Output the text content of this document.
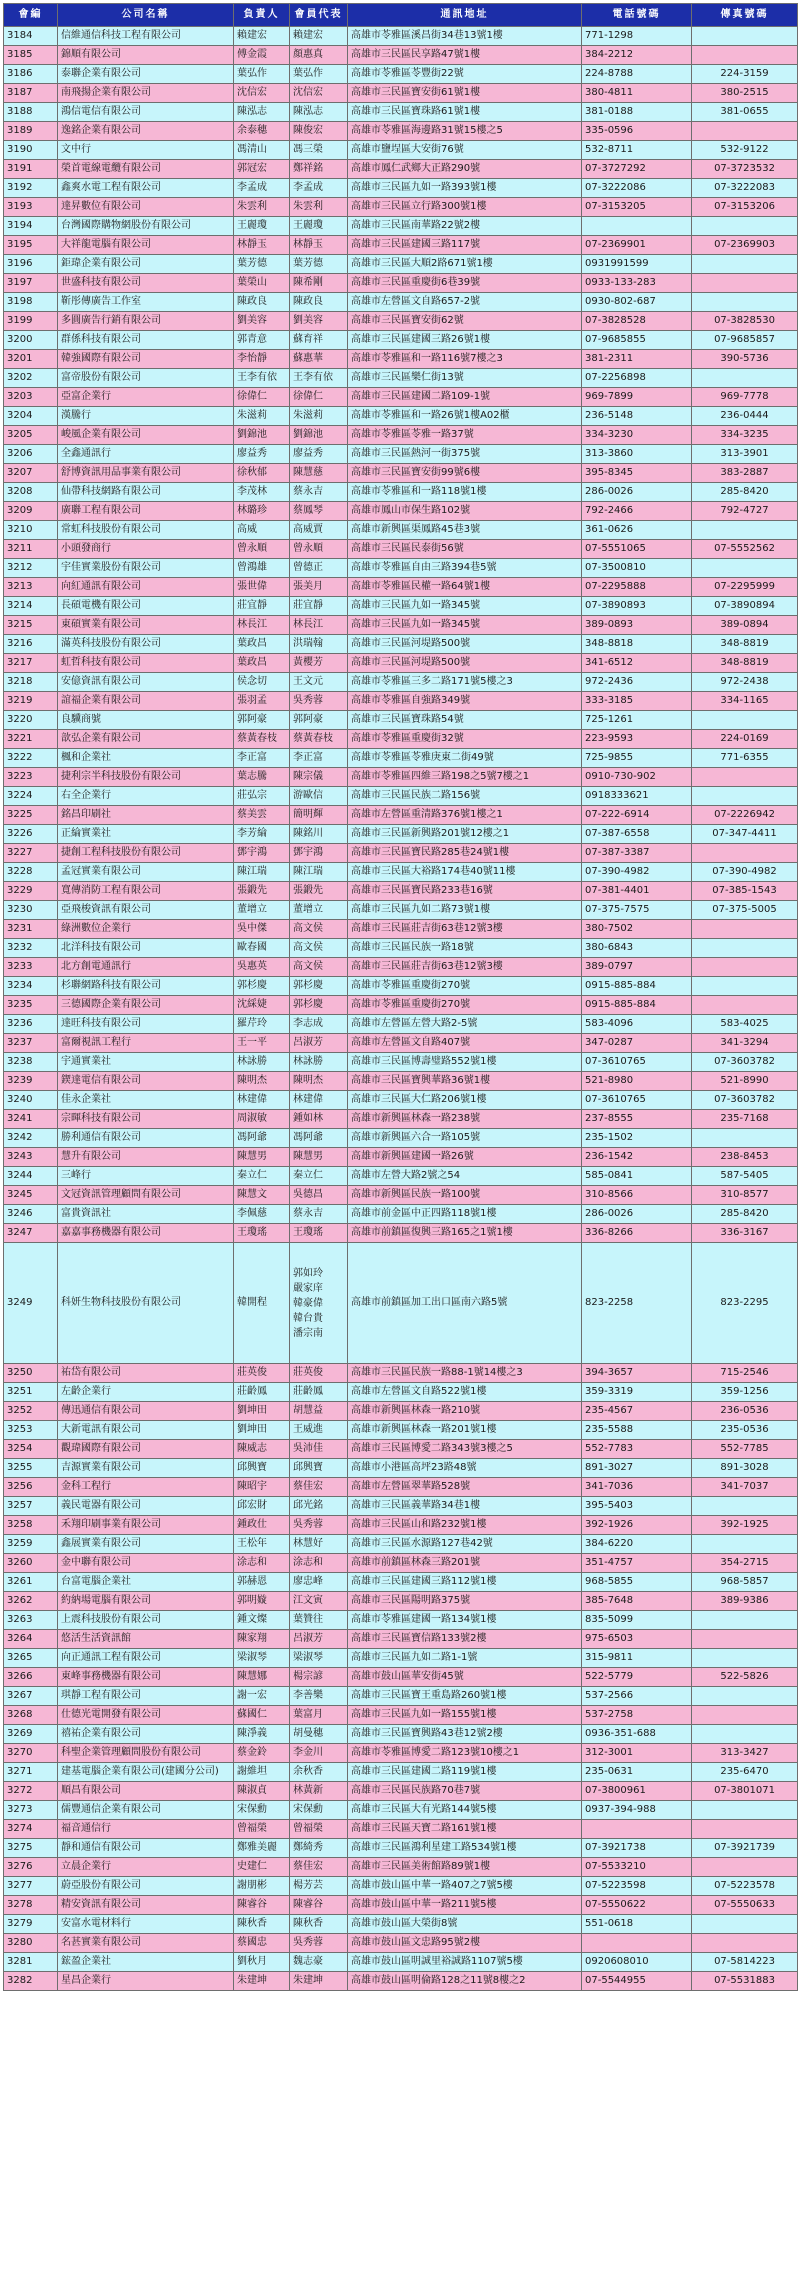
會編	公司名稱	負責人	會員代表	通訊地址	電話號碼	傳真號碼
3184	信維通信科技工程有限公司	賴建宏	賴建宏	高雄市苓雅區溪昌街34巷13號1樓	771-1298	
3185	錦順有限公司	傅金霞	顏惠真	高雄市三民區民享路47號1樓	384-2212	
3186	泰聯企業有限公司	葉弘作	葉弘作	高雄市苓雅區苓豐街22號	224-8788	224-3159
3187	南飛揚企業有限公司	沈信宏	沈信宏	高雄市三民區寶安街61號1樓	380-4811	380-2515
3188	鴻信電信有限公司	陳泓志	陳泓志	高雄市三民區寶珠路61號1樓	381-0188	381-0655
3189	逸銘企業有限公司	余泰穗	陳俊宏	高雄市苓雅區海邊路31號15樓之5	335-0596	
3190	文中行	馮清山	馮三榮	高雄市鹽埕區大安街76號	532-8711	532-9122
3191	榮首電線電纜有限公司	郭冠宏	鄭祥銘	高雄市鳳仁武鄉大正路290號	07-3727292	07-3723532
3192	鑫爽水電工程有限公司	李孟成	李孟成	高雄市三民區九如一路393號1樓	07-3222086	07-3222083
3193	達昇數位有限公司	朱雲利	朱雲利	高雄市三民區立行路300號1樓	07-3153205	07-3153206
3194	台灣國際購物網股份有限公司	王麗瓊	王麗瓊	高雄市三民區南華路22號2樓		
3195	大祥龍電腦有限公司	林靜玉	林靜玉	高雄市三民區建國三路117號	07-2369901	07-2369903
3196	鉅瑋企業有限公司	葉芳德	葉芳德	高雄市三民區大順2路671號1樓	0931991599	
3197	世盛科技有限公司	葉榮山	陳希剛	高雄市三民區重慶街6巷39號	0933-133-283	
3198	靳彤傳廣告工作室	陳政良	陳政良	高雄市左營區文自路657-2號	0930-802-687	
3199	多圓廣告行銷有限公司	劉美容	劉美容	高雄市三民區寶安街62號	07-3828528	07-3828530
3200	群係科技有限公司	郭青意	蘇育祥	高雄市三民區建國三路26號1樓	07-9685855	07-9685857
3201	韓強國際有限公司	李怡靜	蘇惠華	高雄市苓雅區和一路116號7樓之3	381-2311	390-5736
3202	富帝股份有限公司	王李有依	王李有依	高雄市三民區樂仁街13號	07-2256898	
3203	亞富企業行	徐偉仁	徐偉仁	高雄市三民區建國二路109-1號	969-7899	969-7778
3204	漢騰行	朱滋莉	朱滋莉	高雄市苓雅區和一路26號1樓A02櫃	236-5148	236-0444
3205	峻風企業有限公司	劉錦池	劉錦池	高雄市苓雅區苓雅一路37號	334-3230	334-3235
3206	全鑫通訊行	廖益秀	廖益秀	高雄市三民區熱河一街375號	313-3860	313-3901
3207	舒博資訊用品事業有限公司	徐秋郁	陳慧慈	高雄市三民區寶安街99號6樓	395-8345	383-2887
3208	仙帶科技網路有限公司	李茂林	蔡永吉	高雄市苓雅區和一路118號1樓	286-0026	285-8420
3209	廣聯工程有限公司	林璐珍	蔡鳳琴	高雄市鳳山市保生路102號	792-2466	792-4727
3210	常虹科技股份有限公司	高威	高威賈	高雄市新興區渠鳳路45巷3號	361-0626	
3211	小頭發商行	曾永順	曾永順	高雄市三民區民泰街56號	07-5551065	07-5552562
3212	宇佳實業股份有限公司	曾鴻雄	曾德正	高雄市苓雅區自由三路394巷5號	07-3500810	
3213	向紅通訊有限公司	張世偉	張美月	高雄市苓雅區民權一路64號1樓	07-2295888	07-2295999
3214	長碩電機有限公司	莊宜靜	莊宜靜	高雄市三民區九如一路345號	07-3890893	07-3890894
3215	東碩實業有限公司	林長江	林長江	高雄市三民區九如一路345號	389-0893	389-0894
3216	滿英科技股份有限公司	葉政昌	洪瑞翰	高雄市三民區河堤路500號	348-8818	348-8819
3217	虹哲科技有限公司	葉政昌	黃櫻芳	高雄市三民區河堤路500號	341-6512	348-8819
3218	安億資訊有限公司	侯念切	王文元	高雄市苓雅區三多二路171號5樓之3	972-2436	972-2438
3219	誼福企業有限公司	張羽孟	吳秀蓉	高雄市苓雅區自強路349號	333-3185	334-1165
3220	良驥商號	郭阿豪	郭阿豪	高雄市三民區寶珠路54號	725-1261	
3221	歆弘企業有限公司	蔡黃春枝	蔡黃春枝	高雄市苓雅區重慶街32號	223-9593	224-0169
3222	楓和企業社	李正富	李正富	高雄市苓雅區苓雅庚東二街49號	725-9855	771-6355
3223	捷利宗半科技股份有限公司	葉志騰	陳宗儀	高雄市苓雅區四維三路198之5號7樓之1	0910-730-902	
3224	右全企業行	莊弘宗	游歐信	高雄市三民區民族二路156號	0918333621	
3225	銘昌印刷社	蔡美雲	簡明輝	高雄市左營區重清路376號1樓之1	07-222-6914	07-2226942
3226	正綸實業社	李芳綸	陳銘川	高雄市三民區新興路201號12樓之1	07-387-6558	07-347-4411
3227	捷創工程科技股份有限公司	鄧宇鴻	鄧宇鴻	高雄市三民區寶民路285巷24號1樓	07-387-3387	
3228	孟冠實業有限公司	陳江瑞	陳江瑞	高雄市三民區大裕路174巷40號11樓	07-390-4982	07-390-4982
3229	寬傳消防工程有限公司	張鍛先	張鍛先	高雄市三民區寶民路233巷16號	07-381-4401	07-385-1543
3230	亞飛梭資訊有限公司	董增立	董增立	高雄市三民區九如二路73號1樓	07-375-7575	07-375-5005
3231	綠洲數位企業行	吳中傑	高文侯	高雄市三民區莊吉街63巷12號3樓	380-7502	
3232	北洋科技有限公司	歐春國	高文侯	高雄市三民區民族一路18號	380-6843	
3233	北方創電通訊行	吳惠英	高文侯	高雄市三民區莊吉街63巷12號3樓	389-0797	
3234	杉聯網路科技有限公司	郭杉慶	郭杉慶	高雄市苓雅區重慶街270號	0915-885-884	
3235	三德國際企業有限公司	沈綵婕	郭杉慶	高雄市苓雅區重慶街270號	0915-885-884	
3236	達旺科技有限公司	羅芹玲	李志成	高雄市左營區左營大路2-5號	583-4096	583-4025
3237	富爾視訊工程行	王一平	呂淑芳	高雄市左營區文自路407號	347-0287	341-3294
3238	宇通實業社	林詠勝	林詠勝	高雄市三民區博壽璧路552號1樓	07-3610765	07-3603782
3239	鍥達電信有限公司	陳明杰	陳明杰	高雄市三民區寶興華路36號1樓	521-8980	521-8990
3240	佳永企業社	林建偉	林建偉	高雄市三民區大仁路206號1樓	07-3610765	07-3603782
3241	宗暉科技有限公司	周淑敏	鍾如林	高雄市新興區林森一路238號	237-8555	235-7168
3242	勝利通信有限公司	馮阿爺	馮阿爺	高雄市新興區六合一路105號	235-1502	
3243	慧升有限公司	陳慧男	陳慧男	高雄市新興區建國一路26號	236-1542	238-8453
3244	三峰行	秦立仁	秦立仁	高雄市左營大路2號之54	585-0841	587-5405
3245	文冠資訊管理顧問有限公司	陳慧文	吳德昌	高雄市新興區民族一路100號	310-8566	310-8577
3246	富貴資訊社	李佩慈	蔡永吉	高雄市前金區中正四路118號1樓	286-0026	285-8420
3247	嘉嘉事務機器有限公司	王瓊瑤	王瓊瑤	高雄市前鎮區復興三路165之1號1樓	336-8266	336-3167
3249	科妍生物科技股份有限公司	韓開程	郭如玲
嚴家庠
韓豪偉
韓台貴
潘宗南	高雄市前鎮區加工出口區南六路5號	823-2258	823-2295
3250	祐岱有限公司	莊英俊	莊英俊	高雄市三民區民族一路88-1號14樓之3	394-3657	715-2546
3251	左齡企業行	莊齡鳳	莊齡鳳	高雄市左營區文自路522號1樓	359-3319	359-1256
3252	傳迅通信有限公司	劉坤田	胡慧益	高雄市新興區林森一路210號	235-4567	236-0536
3253	大新電訊有限公司	劉坤田	王威進	高雄市新興區林森一路201號1樓	235-5588	235-0536
3254	觀瑋國際有限公司	陳威志	吳沛佳	高雄市三民區博愛二路343號3樓之5	552-7783	552-7785
3255	吉源實業有限公司	邱興寶	邱興寶	高雄市小港區高坪23路48號	891-3027	891-3028
3256	金科工程行	陳昭宇	蔡佳宏	高雄市左營區翠華路528號	341-7036	341-7037
3257	義民電器有限公司	邱宏財	邱光銘	高雄市三民區義華路34巷1樓	395-5403	
3258	禾翔印刷事業有限公司	鍾政仕	吳秀蓉	高雄市三民區山和路232號1樓	392-1926	392-1925
3259	鑫展實業有限公司	王松年	林慧好	高雄市三民區水源路127巷42號	384-6220	
3260	金中聯有限公司	涂志和	涂志和	高雄市前鎮區林森三路201號	351-4757	354-2715
3261	台富電腦企業社	郭赫恩	廖忠峰	高雄市三民區建國三路112號1樓	968-5855	968-5857
3262	約納場電腦有限公司	郭明嫙	江文寅	高雄市三民區陽明路375號	385-7648	389-9386
3263	上震科技股份有限公司	鍾文燦	葉贊往	高雄市苓雅區建國一路134號1樓	835-5099	
3264	悠活生活資訊館	陳家翔	呂淑芳	高雄市三民區寶信路133號2樓	975-6503	
3265	向正通訊工程有限公司	梁淑琴	梁淑琴	高雄市三民區九如二路1-1號	315-9811	
3266	東峰事務機器有限公司	陳慧娜	楊宗諺	高雄市鼓山區華安街45號	522-5779	522-5826
3267	琪靜工程有限公司	謝一宏	李善樂	高雄市三民區寶王重島路260號1樓	537-2566	
3268	仕德光電開發有限公司	蘇國仁	葉富月	高雄市三民區九如一路155號1樓	537-2758	
3269	禧祐企業有限公司	陳淨義	胡曼穗	高雄市三民區寶興路43巷12號2樓	0936-351-688	
3270	科聖企業管理顧問股份有限公司	蔡金鈴	李金川	高雄市苓雅區博愛二路123號10樓之1	312-3001	313-3427
3271	建基電腦企業有限公司(建國分公司)	謝維坦	余秋香	高雄市三民區建國二路119號1樓	235-0631	235-6470
3272	順昌有限公司	陳淑貞	林黃新	高雄市三民區民族路70巷7號	07-3800961	07-3801071
3273	儒豐通信企業有限公司	宋保勳	宋保勳	高雄市三民區大有光路144號5樓	0937-394-988	
3274	福音通信行	曾福榮	曾福榮	高雄市三民區天寶二路161號1樓		
3275	靜和通信有限公司	鄭雅美麗	鄭綺秀	高雄市三民區鴻利星建工路534號1樓	07-3921738	07-3921739
3276	立晨企業行	史建仁	蔡佳宏	高雄市三民區美術館路89號1樓	07-5533210	
3277	蔚亞股份有限公司	謝朋彬	楊芳芸	高雄市鼓山區中華一路407之7號5樓	07-5223598	07-5223578
3278	精安資訊有限公司	陳睿谷	陳睿谷	高雄市鼓山區中華一路211號5樓	07-5550622	07-5550633
3279	安富水電材料行	陳秋香	陳秋香	高雄市鼓山區大榮街8號	551-0618	
3280	名甚實業有限公司	蔡國忠	吳秀蓉	高雄市鼓山區文忠路95號2樓		
3281	鋐盈企業社	劉秋月	魏志豪	高雄市鼓山區明誠里裕誠路1107號5樓	0920608010	07-5814223
3282	星昌企業行	朱建坤	朱建坤	高雄市鼓山區明倫路128之11號8樓之2	07-5544955	07-5531883
